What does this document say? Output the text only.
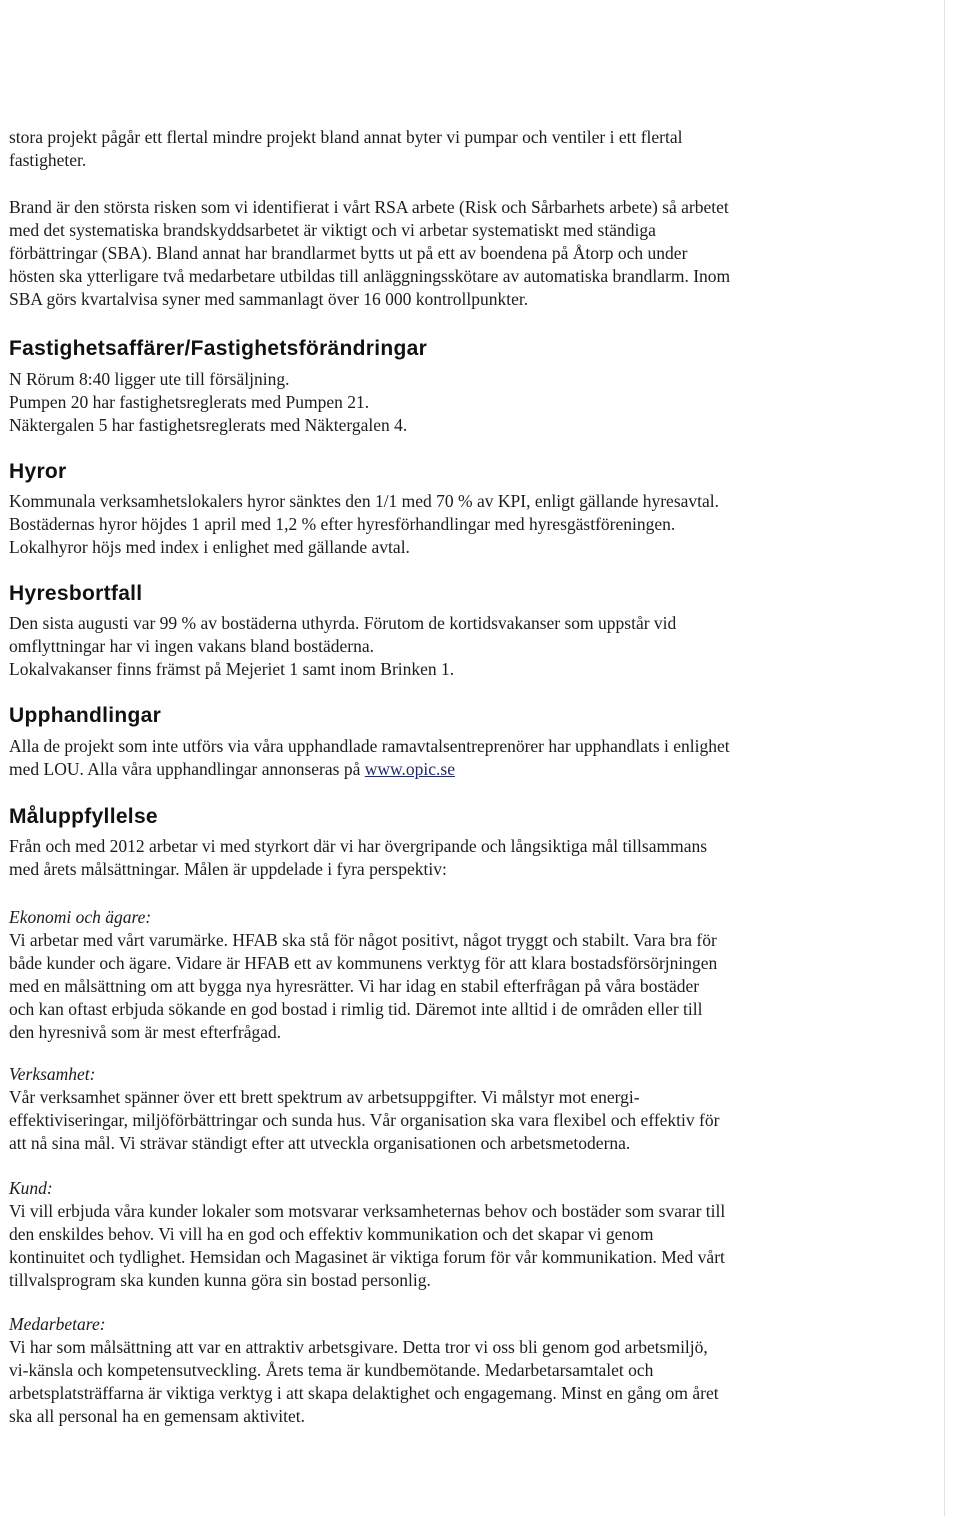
stora projekt pågår ett flertal mindre projekt bland annat byter vi pumpar och ventiler i ett flertal
fastigheter.

Brand är den största risken som vi identifierat i vårt RSA arbete (Risk och Sårbarhets arbete) så arbetet
med det systematiska brandskyddsarbetet är viktigt och vi arbetar systematiskt med ständiga
förbättringar (SBA). Bland annat har brandlarmet bytts ut på ett av boendena på Åtorp och under
hösten ska ytterligare två medarbetare utbildas till anläggningsskötare av automatiska brandlarm. Inom
SBA görs kvartalvisa syner med sammanlagt över 16 000 kontrollpunkter.

Fastighetsaffärer/Fastighetsförändringar

N Rörum 8:40 ligger ute till försäljning.
Pumpen 20 har fastighetsreglerats med Pumpen 21.
Näktergalen 5 har fastighetsreglerats med Näktergalen 4.

Hyror

Kommunala verksamhetslokalers hyror sänktes den 1/1 med 70 % av KPI, enligt gällande hyresavtal.
Bostädernas hyror höjdes 1 april med 1,2 % efter hyresförhandlingar med hyresgästföreningen.
Lokalhyror höjs med index i enlighet med gällande avtal.

Hyresbortfall

Den sista augusti var 99 % av bostäderna uthyrda. Förutom de kortidsvakanser som uppstår vid
omflyttningar har vi ingen vakans bland bostäderna.
Lokalvakanser finns främst på Mejeriet 1 samt inom Brinken 1.

Upphandlingar

Alla de projekt som inte utförs via våra upphandlade ramavtalsentreprenörer har upphandlats i enlighet
med LOU. Alla våra upphandlingar annonseras på www.opic.se

Måluppfyllelse

Från och med 2012 arbetar vi med styrkort där vi har övergripande och långsiktiga mål tillsammans
med årets målsättningar. Målen är uppdelade i fyra perspektiv:

Ekonomi och ägare:
Vi arbetar med vårt varumärke. HFAB ska stå för något positivt, något tryggt och stabilt. Vara bra för
både kunder och ägare. Vidare är HFAB ett av kommunens verktyg för att klara bostadsförsörjningen
med en målsättning om att bygga nya hyresrätter. Vi har idag en stabil efterfrågan på våra bostäder
och kan oftast erbjuda sökande en god bostad i rimlig tid. Däremot inte alltid i de områden eller till
den hyresnivå som är mest efterfrågad.
Verksamhet:
Vår verksamhet spänner över ett brett spektrum av arbetsuppgifter. Vi målstyr mot energi-
effektiviseringar, miljöförbättringar och sunda hus. Vår organisation ska vara flexibel och effektiv för
att nå sina mål. Vi strävar ständigt efter att utveckla organisationen och arbetsmetoderna.
Kund:
Vi vill erbjuda våra kunder lokaler som motsvarar verksamheternas behov och bostäder som svarar till
den enskildes behov. Vi vill ha en god och effektiv kommunikation och det skapar vi genom
kontinuitet och tydlighet. Hemsidan och Magasinet är viktiga forum för vår kommunikation. Med vårt
tillvalsprogram ska kunden kunna göra sin bostad personlig.
Medarbetare:
Vi har som målsättning att var en attraktiv arbetsgivare. Detta tror vi oss bli genom god arbetsmiljö,
vi-känsla och kompetensutveckling. Årets tema är kundbemötande. Medarbetarsamtalet och
arbetsplatsträffarna är viktiga verktyg i att skapa delaktighet och engagemang. Minst en gång om året
ska all personal ha en gemensam aktivitet.
